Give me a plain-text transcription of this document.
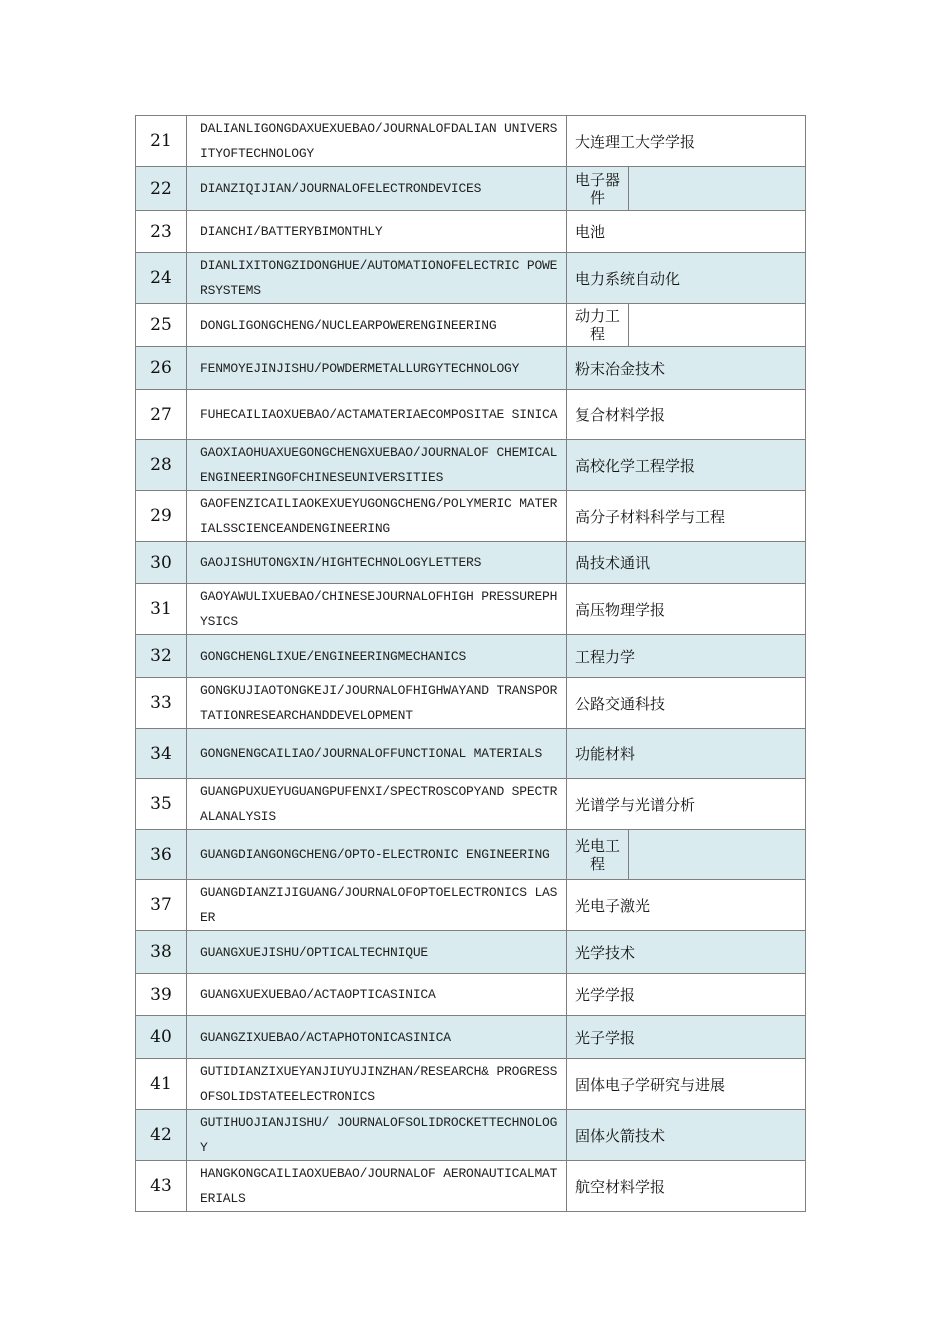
21	DALIANLIGONGDAXUEXUEBAO/JOURNALOFDALIAN UNIVERSITYOFTECHNOLOGY	大连理工大学学报
22	DIANZIQIJIAN/JOURNALOFELECTRONDEVICES	电子器件

23	DIANCHI/BATTERYBIMONTHLY	电池
24	DIANLIXITONGZIDONGHUE/AUTOMATIONOFELECTRIC POWERSYSTEMS	电力系统自动化
25	DONGLIGONGCHENG/NUCLEARPOWERENGINEERING	动力工程

26	FENMOYEJINJISHU/POWDERMETALLURGYTECHNOLOGY	粉末冶金技术
27	FUHECAILIAOXUEBAO/ACTAMATERIAECOMPOSITAE SINICA	复合材料学报
28	GAOXIAOHUAXUEGONGCHENGXUEBAO/JOURNALOF CHEMICALENGINEERINGOFCHINESEUNIVERSITIES	高校化学工程学报
29	GAOFENZICAILIAOKEXUEYUGONGCHENG/POLYMERIC MATERIALSSCIENCEANDENGINEERING	高分子材料科学与工程
30	GAOJISHUTONGXIN/HIGHTECHNOLOGYLETTERS	咼技术通讯
31	GAOYAWULIXUEBAO/CHINESEJOURNALOFHIGH PRESSUREPHYSICS	高压物理学报
32	GONGCHENGLIXUE/ENGINEERINGMECHANICS	工程力学
33	GONGKUJIAOTONGKEJI/JOURNALOFHIGHWAYAND TRANSPORTATIONRESEARCHANDDEVELOPMENT	公路交通科技
34	GONGNENGCAILIAO/JOURNALOFFUNCTIONAL MATERIALS	功能材料
35	GUANGPUXUEYUGUANGPUFENXI/SPECTROSCOPYAND SPECTRALANALYSIS	光谱学与光谱分析
36	GUANGDIANGONGCHENG/OPTO-ELECTRONIC ENGINEERING	光电工程

37	GUANGDIANZIJIGUANG/JOURNALOFOPTOELECTRONICS LASER	光电子激光
38	GUANGXUEJISHU/OPTICALTECHNIQUE	光学技术
39	GUANGXUEXUEBAO/ACTAOPTICASINICA	光学学报
40	GUANGZIXUEBAO/ACTAPHOTONICASINICA	光子学报
41	GUTIDIANZIXUEYANJIUYUJINZHAN/RESEARCH& PROGRESSOFSOLIDSTATEELECTRONICS	固体电子学研究与进展
42	GUTIHUOJIANJISHU/ JOURNALOFSOLIDROCKETTECHNOLOGY	固体火箭技术
43	HANGKONGCAILIAOXUEBAO/JOURNALOF AERONAUTICALMATERIALS	航空材料学报
